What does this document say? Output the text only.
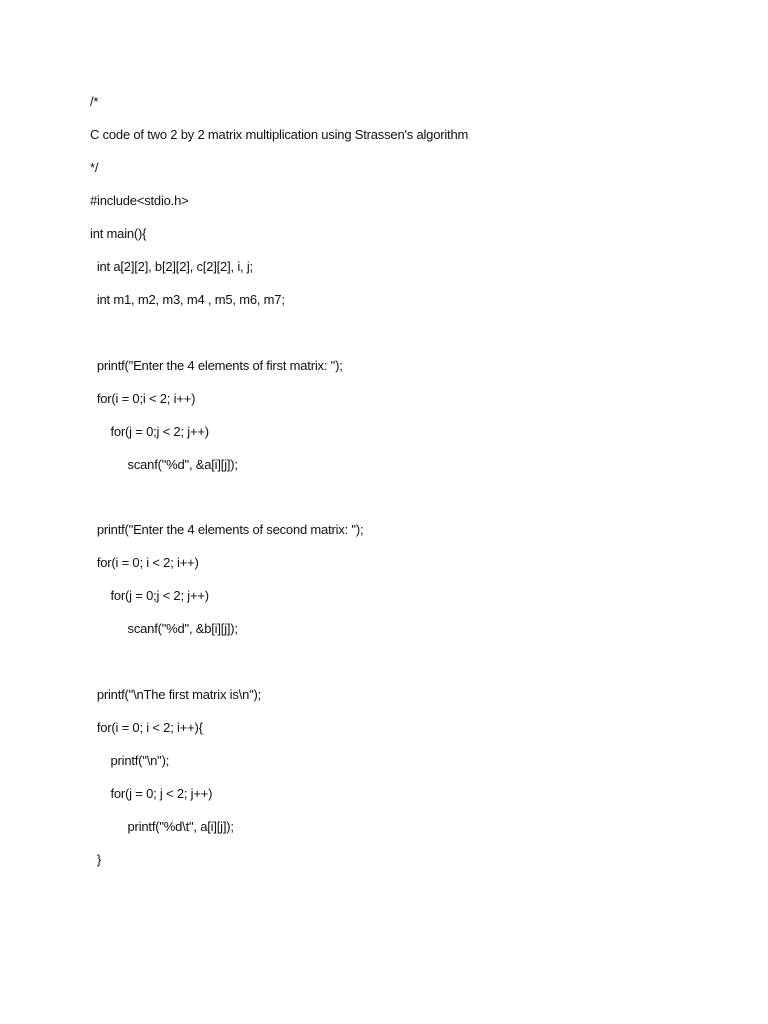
/*
C code of two 2 by 2 matrix multiplication using Strassen's algorithm
*/
#include<stdio.h>
int main(){
int a[2][2], b[2][2], c[2][2], i, j;
int m1, m2, m3, m4 , m5, m6, m7;
printf("Enter the 4 elements of first matrix: ");
for(i = 0;i < 2; i++)
for(j = 0;j < 2; j++)
scanf("%d", &a[i][j]);
printf("Enter the 4 elements of second matrix: ");
for(i = 0; i < 2; i++)
for(j = 0;j < 2; j++)
scanf("%d", &b[i][j]);
printf("\nThe first matrix is\n");
for(i = 0; i < 2; i++){
printf("\n");
for(j = 0; j < 2; j++)
printf("%d\t", a[i][j]);
}
